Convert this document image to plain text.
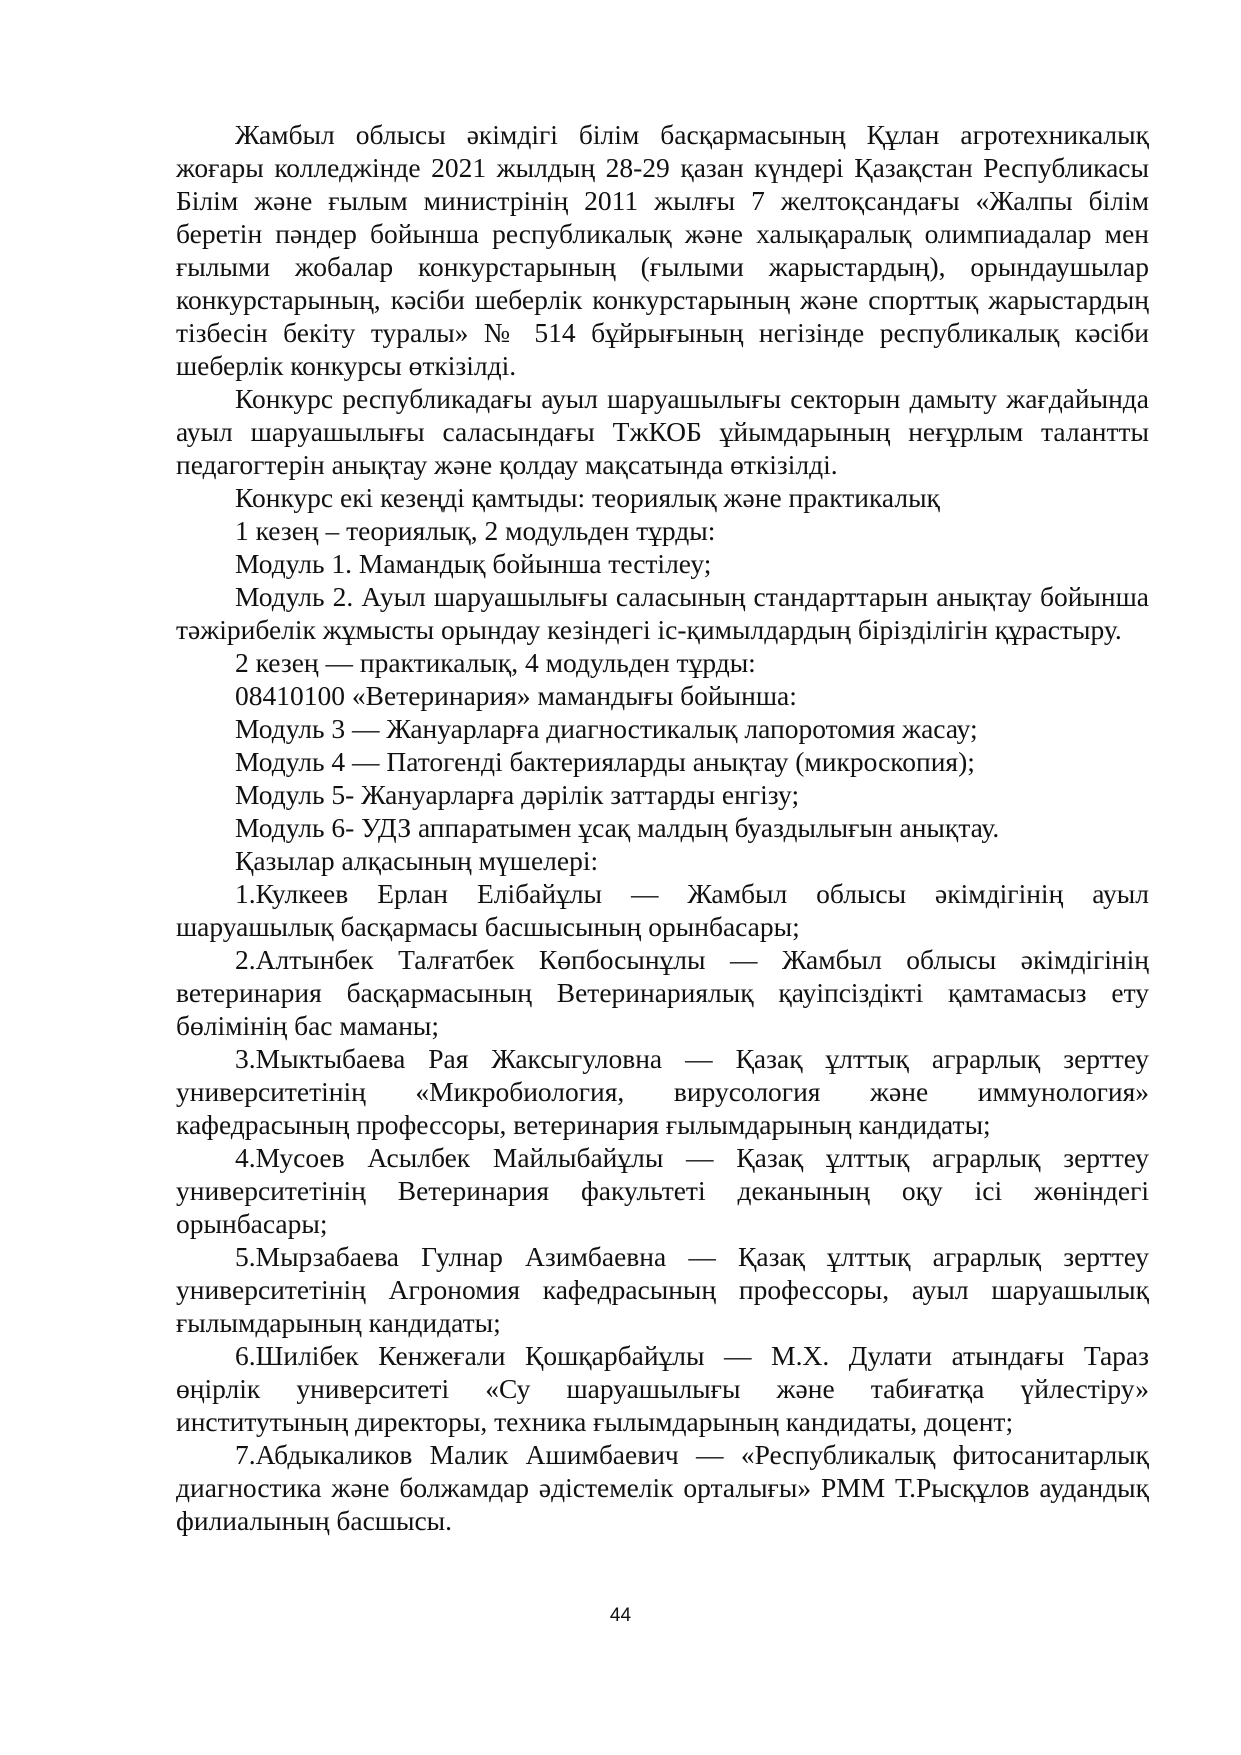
Жамбыл облысы әкімдігі білім басқармасының Құлан агротехникалық жоғары колледжінде 2021 жылдың 28-29 қазан күндері Қазақстан Республикасы Білім және ғылым министрінің 2011 жылғы 7 желтоқсандағы «Жалпы білім беретін пәндер бойынша республикалық және халықаралық олимпиадалар мен ғылыми жобалар конкурстарының (ғылыми жарыстардың), орындаушылар конкурстарының, кәсіби шеберлік конкурстарының және спорттық жарыстардың тізбесін бекіту туралы» № 514 бұйрығының негізінде республикалық кәсіби шеберлік конкурсы өткізілді.

Конкурс республикадағы ауыл шаруашылығы секторын дамыту жағдайында ауыл шаруашылығы саласындағы ТжКОБ ұйымдарының неғұрлым талантты педагогтерін анықтау және қолдау мақсатында өткізілді.

Конкурс екі кезеңді қамтыды: теориялық және практикалық

1 кезең – теориялық, 2 модульден тұрды:

Модуль 1. Мамандық бойынша тестілеу;

Модуль 2. Ауыл шаруашылығы саласының стандарттарын анықтау бойынша тәжірибелік жұмысты орындау кезіндегі іс-қимылдардың бірізділігін құрастыру.

2 кезең — практикалық, 4 модульден тұрды:

08410100 «Ветеринария» мамандығы бойынша:

Модуль 3 — Жануарларға диагностикалық лапоротомия жасау;

Модуль 4 — Патогенді бактерияларды анықтау (микроскопия);

Модуль 5- Жануарларға дәрілік заттарды енгізу;

Модуль 6- УДЗ аппаратымен ұсақ малдың буаздылығын анықтау.

Қазылар алқасының мүшелері:

1.Кулкеев Ерлан Елібайұлы — Жамбыл облысы әкімдігінің ауыл шаруашылық басқармасы басшысының орынбасары;

2.Алтынбек Талғатбек Көпбосынұлы — Жамбыл облысы әкімдігінің ветеринария басқармасының Ветеринариялық қауіпсіздікті қамтамасыз ету бөлімінің бас маманы;

3.Мыктыбаева Рая Жаксыгуловна — Қазақ ұлттық аграрлық зерттеу университетінің «Микробиология, вирусология және иммунология» кафедрасының профессоры, ветеринария ғылымдарының кандидаты;

4.Мусоев Асылбек Майлыбайұлы — Қазақ ұлттық аграрлық зерттеу университетінің Ветеринария факультеті деканының оқу ісі жөніндегі орынбасары;

5.Мырзабаева Гулнар Азимбаевна — Қазақ ұлттық аграрлық зерттеу университетінің Агрономия кафедрасының профессоры, ауыл шаруашылық ғылымдарының кандидаты;

6.Шилібек Кенжеғали Қошқарбайұлы — М.Х. Дулати атындағы Тараз өңірлік университеті «Су шаруашылығы және табиғатқа үйлестіру» институтының директоры, техника ғылымдарының кандидаты, доцент;

7.Абдыкаликов Малик Ашимбаевич — «Республикалық фитосанитарлық диагностика және болжамдар әдістемелік орталығы» РММ Т.Рысқұлов аудандық филиалының басшысы.

44
